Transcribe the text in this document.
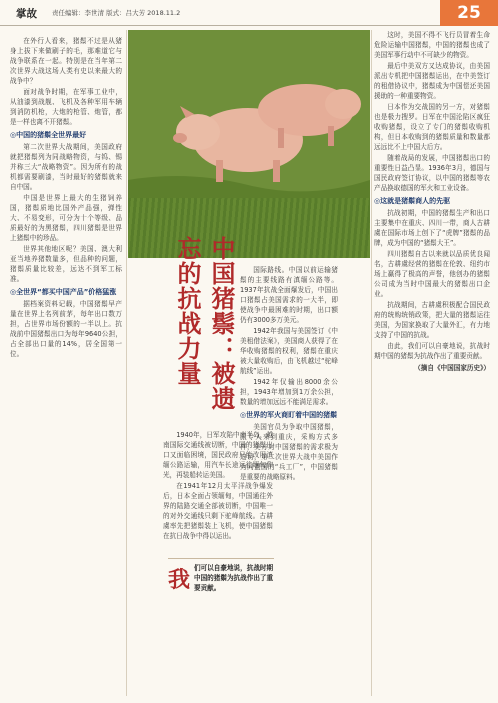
掌故 责任编辑：李世清 版式：吕大芳 2018.11.2	25

在外行人看来，猪鬃不过是从猪身上拔下来做刷子的毛，那难道它与战争联系在一起。特别是在当年第二次世界大战这场人类有史以来最大的战争中？

面对战争时期，在军事工业中，从油漆到战舰、飞机及各种军用车辆到消防机枪，大炮的枪管、炮管，都是一样也离不开猪鬃。

◎中国的猪鬃全世界最好

第二次世界大战期间，美国政府就把猪鬃列为同战略物资，与钨、锡并称三大“战略物资”。因为所有的战机都需要刷漆，当时最好的猪鬃就来自中国。

中国是世界上最大的生猪饲养国，猪鬃质地比国外产品强，弹性大、不易变形，可分为十个等级、品质最好的为黑猪鬃，四川猪鬃是世界上猪鬃中的珍品。

世界其他地区呢？美国、澳大利亚当地养猪数量多，但品种的问题，猪鬃质量比较差，远达不到军工标准。

◎全世界“都买中国产品”价格猛涨

据档案资料记载，中国猪鬃早产量在世界上名列前茅，每年出口数万担，占世界市场份额的一半以上。抗战前中国猪鬃出口为每年9640公担，占全部出口量的14%，居全国第一位。	中国猪鬃：被遗忘的抗战力量	国际路线。中国以前运输猪鬃的主要线路有滇缅公路等。1937年抗战全面爆发后，中国出口猪鬃占美国需求的一大半，即使战争中最困难的时期，出口额仍有3000多万美元。

1942年我国与美国签订《中美租借法案》，美国商人获得了在华收购猪鬃的权利，猪鬃在重庆被大量收购后，由飞机越过“驼峰航线”运出。

1942年仅输出8000余公担，1943年增加到1万余公担，数量的增加远远不能满足需求。

◎世界的军火商盯着中国的猪鬃

美国官员为争取中国猪鬃，派专人来到重庆，采购方式多样，美方对中国猪鬃的需求极为迫切，第二次世界大战中美国作为同盟国的“兵工厂”，中国猪鬃是重要的战略原料。

1940年，日军攻陷中南半岛，越南国际交通线被切断，中国的猪鬃出口又面临困境，国民政府只能改用滇缅公路运输，用汽车长途运往缅甸仰光，再装船转运美国。

在1941年12月太平洋战争爆发后，日本全面占领缅甸，中国通往外界的陆路交通全部被切断，中国唯一的对外交通线只剩下驼峰航线。古耕虞率先把猪鬃装上飞机，使中国猪鬃在抗日战争中得以运出。

我 们可以自豪地说，抗战时期中国的猪鬃为抗战作出了重要贡献。

这时，美国不得不飞行员冒着生命危险运输中国猪鬃，中国的猪鬃也成了美国军事行动中不可缺少的物资。

最后中美双方又达成协议，由美国派出专机把中国猪鬃运出，在中美签订的租借协议中，猪鬃成为中国偿还美国援助的一种重要物资。

日本作为交战国的另一方，对猪鬃也是极力搜罗。日军在中国沦陷区疯狂收购猪鬃，设立了专门的猪鬃收购机构，但日本收购到的猪鬃质量和数量都远远比不上中国大后方。

随着战局的发展，中国猪鬃出口的重要性日益凸显。1936年3月，德国与国民政府签订协议，以中国的猪鬃等农产品换取德国的军火和工业设备。

◎这就是猪鬃商人的先驱

抗战初期，中国的猪鬃生产和出口主要集中在重庆、四川一带，商人古耕虞在国际市场上创下了“虎牌”猪鬃的品牌，成为中国的“猪鬃大王”。

四川猪鬃自古以来就以品质优良闻名，古耕虞经营的猪鬃在伦敦、纽约市场上赢得了极高的声誉，他创办的猪鬃公司成为当时中国最大的猪鬃出口企业。

抗战期间，古耕虞积极配合国民政府的统购统销政策，把大量的猪鬃运往美国，为国家换取了大量外汇，有力地支持了中国的抗战。

由此，我们可以自豪地说，抗战时期中国的猪鬃为抗战作出了重要贡献。

（摘自《中国国家历史》）
